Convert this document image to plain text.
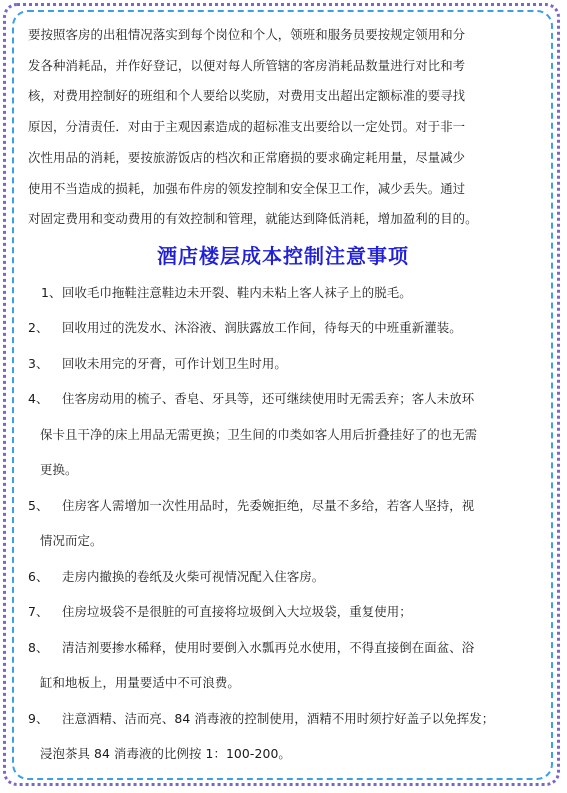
要按照客房的出租情况落实到每个岗位和个人，领班和服务员要按规定领用和分

发各种消耗品，并作好登记，以便对每人所管辖的客房消耗品数量进行对比和考

核，对费用控制好的班组和个人要给以奖励，对费用支出超出定额标准的要寻找

原因，分清责任．对由于主观因素造成的超标准支出要给以一定处罚。对于非一

次性用品的消耗，要按旅游饭店的档次和正常磨损的要求确定耗用量，尽量减少

使用不当造成的损耗，加强布件房的领发控制和安全保卫工作，减少丢失。通过

对固定费用和变动费用的有效控制和管理，就能达到降低消耗，增加盈利的目的。

酒店楼层成本控制注意事项
1、 回收毛巾拖鞋注意鞋边未开裂、鞋内未粘上客人袜子上的脱毛。
2、	回收用过的洗发水、沐浴液、润肤露放工作间，待每天的中班重新灌装。
3、	回收未用完的牙膏，可作计划卫生时用。
4、	住客房动用的梳子、香皂、牙具等，还可继续使用时无需丢弃；客人未放环
保卡且干净的床上用品无需更换；卫生间的巾类如客人用后折叠挂好了的也无需
更换。
5、	住房客人需增加一次性用品时，先委婉拒绝，尽量不多给，若客人坚持，视
情况而定。
6、	走房内撤换的卷纸及火柴可视情况配入住客房。
7、	住房垃圾袋不是很脏的可直接将垃圾倒入大垃圾袋，重复使用；
8、	清洁剂要掺水稀释，使用时要倒入水瓢再兑水使用，不得直接倒在面盆、浴
缸和地板上，用量要适中不可浪费。
9、	注意酒精、洁而亮、84 消毒液的控制使用，酒精不用时须拧好盖子以免挥发；
浸泡茶具 84 消毒液的比例按 1：100-200。
